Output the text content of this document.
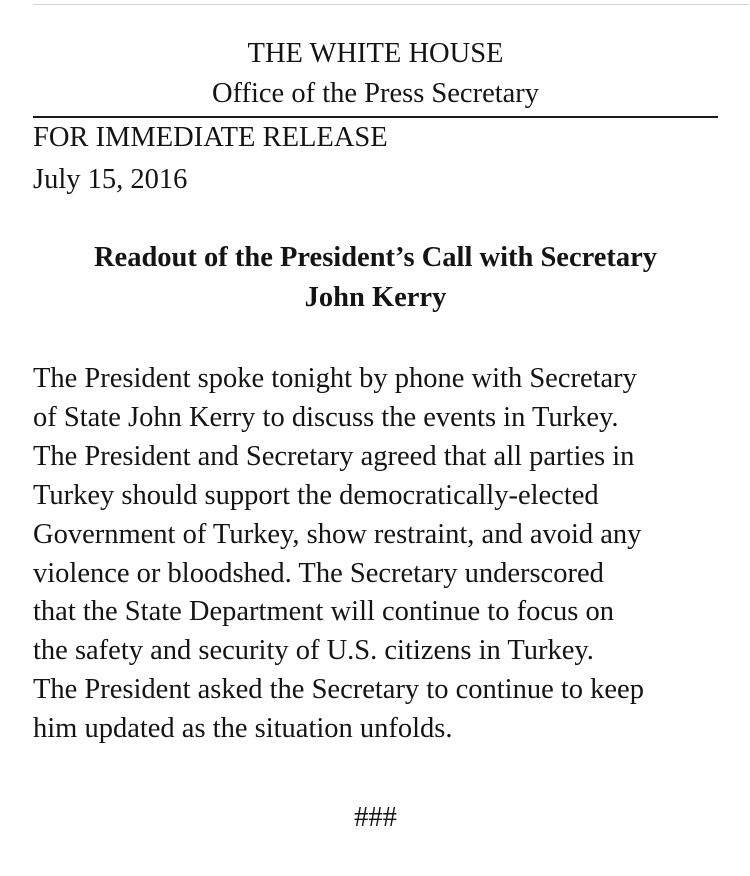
THE WHITE HOUSE
Office of the Press Secretary
FOR IMMEDIATE RELEASE
July 15, 2016
Readout of the President’s Call with Secretary
John Kerry
The President spoke tonight by phone with Secretary
of State John Kerry to discuss the events in Turkey.
The President and Secretary agreed that all parties in
Turkey should support the democratically-elected
Government of Turkey, show restraint, and avoid any
violence or bloodshed. The Secretary underscored
that the State Department will continue to focus on
the safety and security of U.S. citizens in Turkey.
The President asked the Secretary to continue to keep
him updated as the situation unfolds.
###
